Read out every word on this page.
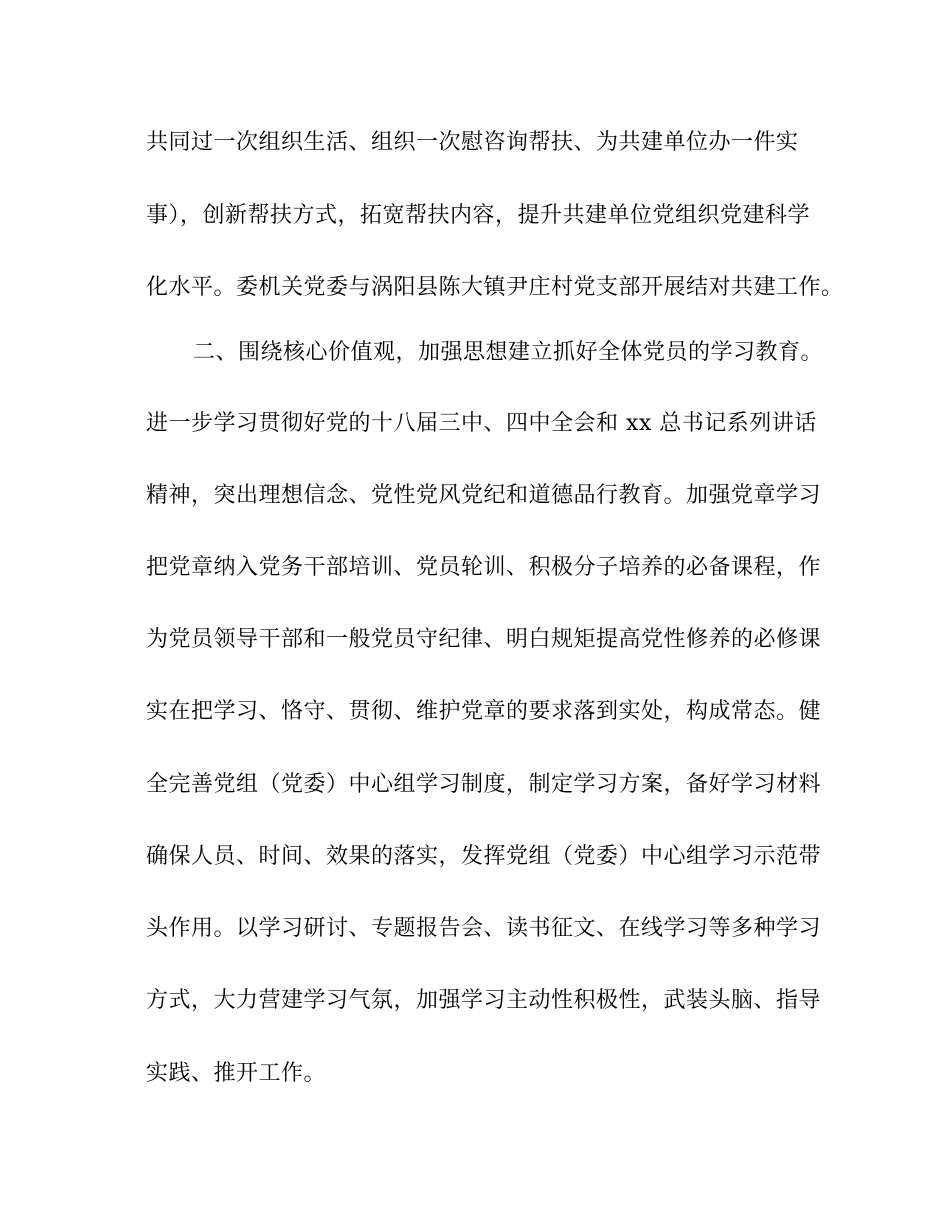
共同过一次组织生活、组织一次慰咨询帮扶、为共建单位办一件实
事），创新帮扶方式，拓宽帮扶内容，提升共建单位党组织党建科学
化水平。委机关党委与涡阳县陈大镇尹庄村党支部开展结对共建工作。
二、围绕核心价值观，加强思想建立抓好全体党员的学习教育。
进一步学习贯彻好党的十八届三中、四中全会和 xx 总书记系列讲话
精神，突出理想信念、党性党风党纪和道德品行教育。加强党章学习
把党章纳入党务干部培训、党员轮训、积极分子培养的必备课程，作
为党员领导干部和一般党员守纪律、明白规矩提高党性修养的必修课
实在把学习、恪守、贯彻、维护党章的要求落到实处，构成常态。健
全完善党组（党委）中心组学习制度，制定学习方案，备好学习材料
确保人员、时间、效果的落实，发挥党组（党委）中心组学习示范带
头作用。以学习研讨、专题报告会、读书征文、在线学习等多种学习
方式，大力营建学习气氛，加强学习主动性积极性，武装头脑、指导
实践、推开工作。
